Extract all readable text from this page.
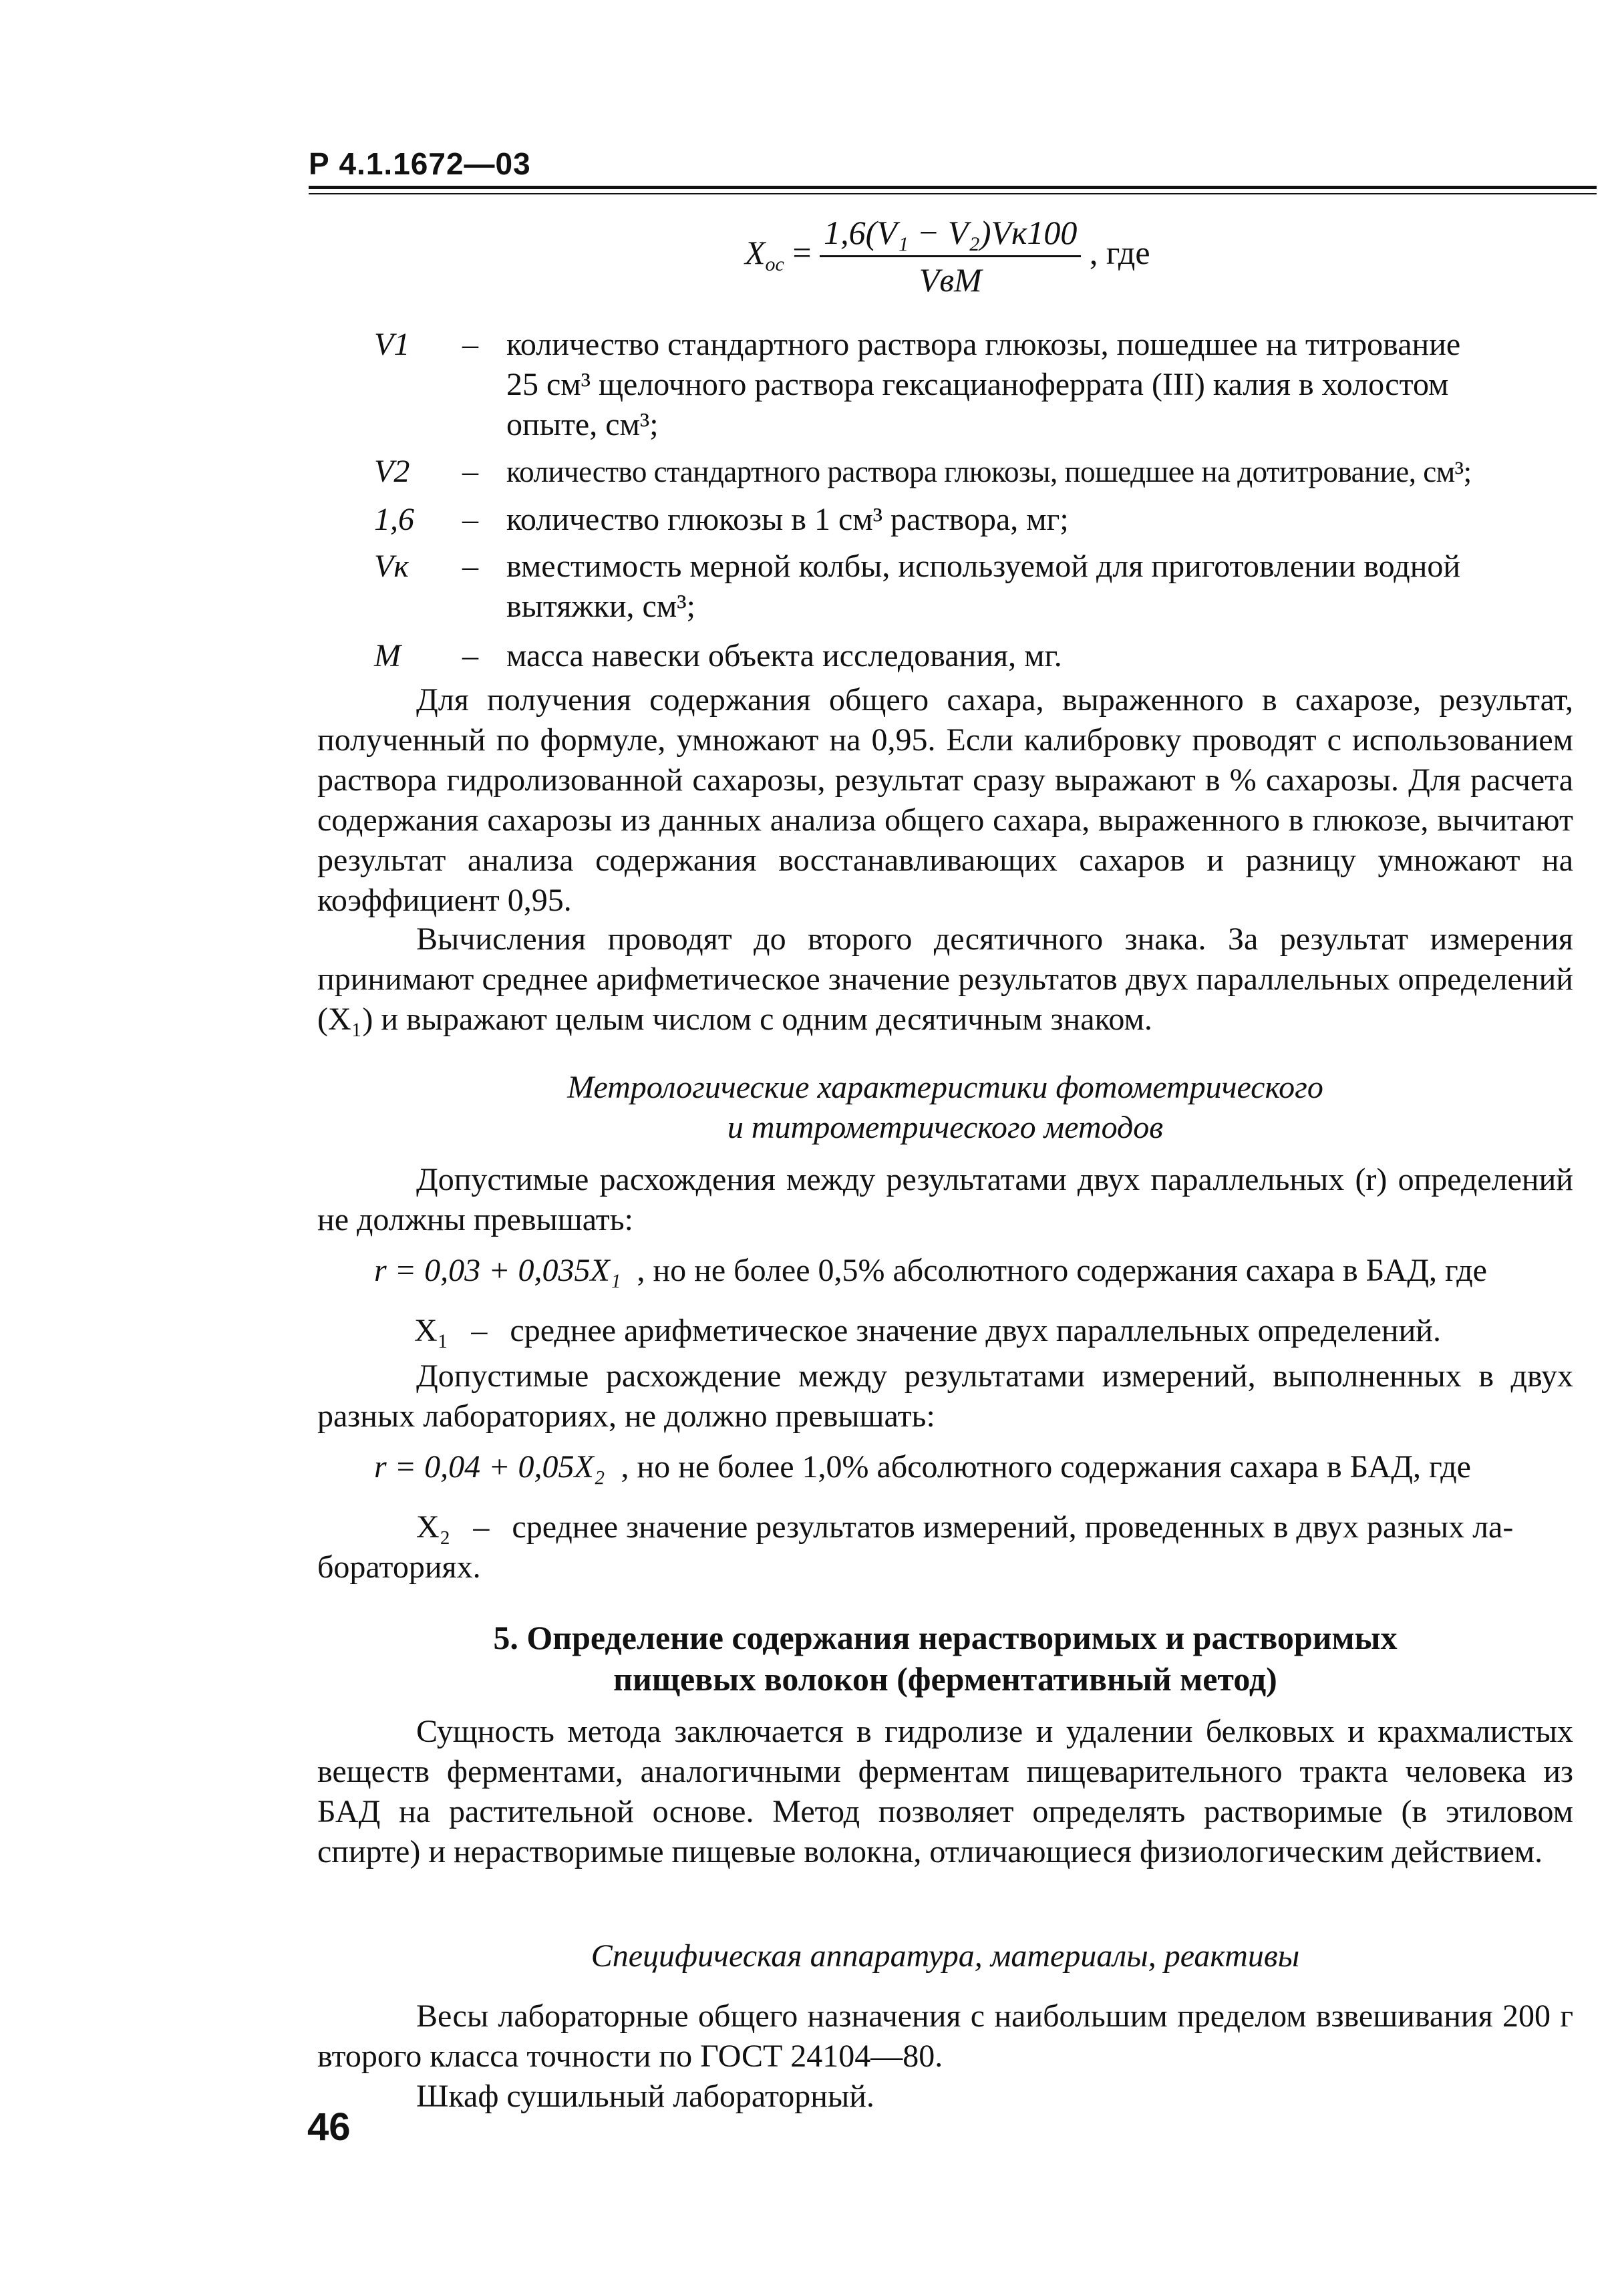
Р 4.1.1672—03
$X_{ос} = \frac{\text{1,6(V₁ − V₂)Vк100}}{\text{VвM}}$ , где
V1	– количество стандартного раствора глюкозы, пошедшее на титрование
25 см³ щелочного раствора гексацианоферрата (III) калия в холостом
опыте, см³;
V2	– количество стандартного раствора глюкозы, пошедшее на дотитрование, см³;
1,6	– количество глюкозы в 1 см³ раствора, мг;
Vк	– вместимость мерной колбы, используемой для приготовлении водной
вытяжки, см³;
М	– масса навески объекта исследования, мг.

Для получения содержания общего сахара, выраженного в сахарозе, результат, полученный по формуле, умножают на 0,95. Если калибровку проводят с использованием раствора гидролизованной сахарозы, результат сразу выражают в % сахарозы. Для расчета содержания сахарозы из данных анализа общего сахара, выраженного в глюкозе, вычитают результат анализа содержания восстанавливающих сахаров и разницу умножают на коэффициент 0,95.

Вычисления проводят до второго десятичного знака. За результат измерения принимают среднее арифметическое значение результатов двух параллельных определений (X₁) и выражают целым числом с одним десятичным знаком.

Метрологические характеристики фотометрического
и титрометрического методов

Допустимые расхождения между результатами двух параллельных (r) определений не должны превышать:

r = 0,03 + 0,035X₁ , но не более 0,5% абсолютного содержания сахара в БАД, где
X₁ – среднее арифметическое значение двух параллельных определений.

Допустимые расхождение между результатами измерений, выполненных в двух разных лабораториях, не должно превышать:

r = 0,04 + 0,05X₂ , но не более 1,0% абсолютного содержания сахара в БАД, где
X₂ – среднее значение результатов измерений, проведенных в двух разных ла-
бораториях.
5. Определение содержания нерастворимых и растворимых
пищевых волокон (ферментативный метод)

Сущность метода заключается в гидролизе и удалении белковых и крахмалистых веществ ферментами, аналогичными ферментам пищеварительного тракта человека из БАД на растительной основе. Метод позволяет определять растворимые (в этиловом спирте) и нерастворимые пищевые волокна, отличающиеся физиологическим действием.

Специфическая аппаратура, материалы, реактивы

Весы лабораторные общего назначения с наибольшим пределом взвешивания 200 г второго класса точности по ГОСТ 24104—80.

Шкаф сушильный лабораторный.

46
